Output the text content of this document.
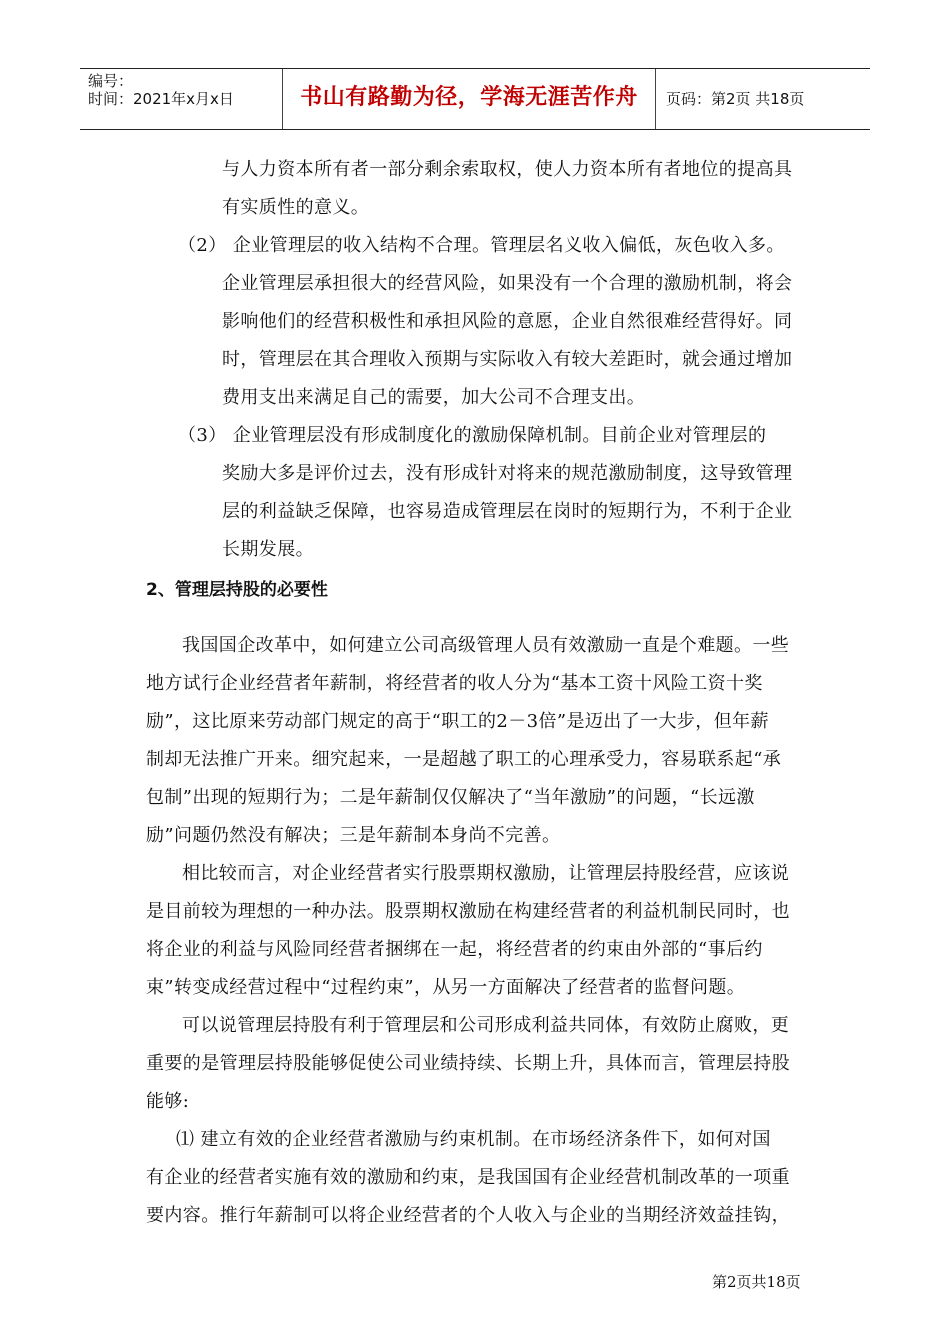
编号：
时间：2021年x月x日	书山有路勤为径，学海无涯苦作舟	页码：第2页 共18页
与人力资本所有者一部分剩余索取权，使人力资本所有者地位的提高具
有实质性的意义。
（2） 企业管理层的收入结构不合理。管理层名义收入偏低，灰色收入多。
企业管理层承担很大的经营风险，如果没有一个合理的激励机制，将会
影响他们的经营积极性和承担风险的意愿，企业自然很难经营得好。同
时，管理层在其合理收入预期与实际收入有较大差距时，就会通过增加
费用支出来满足自己的需要，加大公司不合理支出。
（3） 企业管理层没有形成制度化的激励保障机制。目前企业对管理层的
奖励大多是评价过去，没有形成针对将来的规范激励制度，这导致管理
层的利益缺乏保障，也容易造成管理层在岗时的短期行为，不利于企业
长期发展。
2、管理层持股的必要性
我国国企改革中，如何建立公司高级管理人员有效激励一直是个难题。一些
地方试行企业经营者年薪制，将经营者的收人分为“基本工资十风险工资十奖
励”，这比原来劳动部门规定的高于“职工的2－3倍”是迈出了一大步，但年薪
制却无法推广开来。细究起来，一是超越了职工的心理承受力，容易联系起“承
包制”出现的短期行为；二是年薪制仅仅解决了“当年激励”的问题，“长远激
励”问题仍然没有解决；三是年薪制本身尚不完善。
相比较而言，对企业经营者实行股票期权激励，让管理层持股经营，应该说
是目前较为理想的一种办法。股票期权激励在构建经营者的利益机制民同时，也
将企业的利益与风险同经营者捆绑在一起，将经营者的约束由外部的“事后约
束”转变成经营过程中“过程约束”，从另一方面解决了经营者的监督问题。
可以说管理层持股有利于管理层和公司形成利益共同体，有效防止腐败，更
重要的是管理层持股能够促使公司业绩持续、长期上升，具体而言，管理层持股
能够:
⑴ 建立有效的企业经营者激励与约束机制。在市场经济条件下，如何对国
有企业的经营者实施有效的激励和约束，是我国国有企业经营机制改革的一项重
要内容。推行年薪制可以将企业经营者的个人收入与企业的当期经济效益挂钩，
第2页共18页
